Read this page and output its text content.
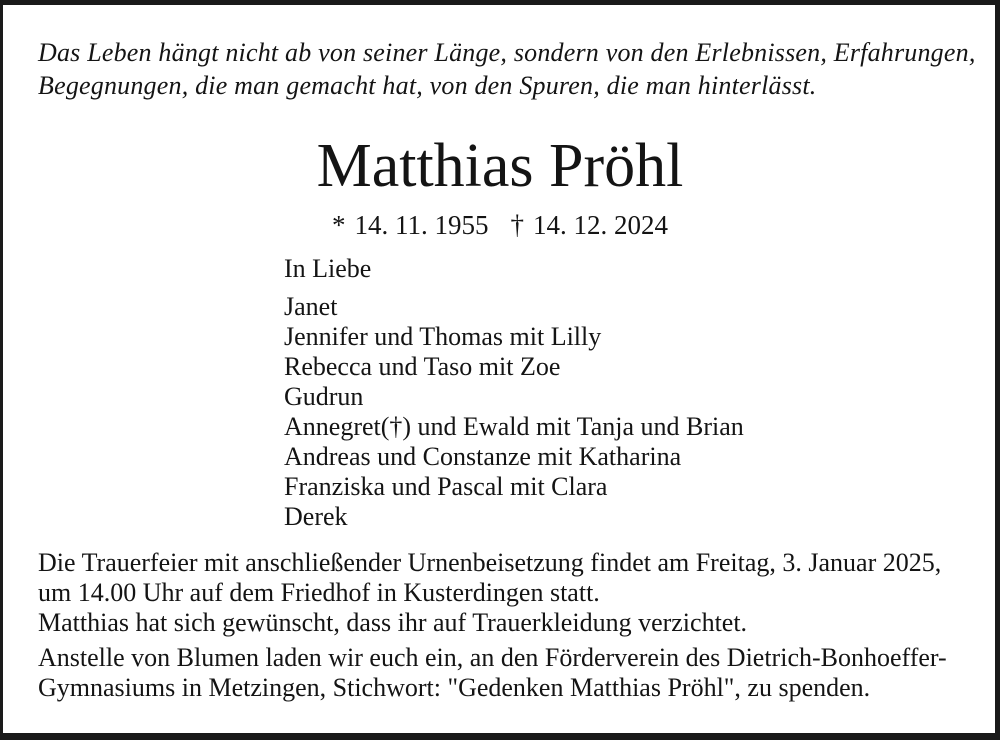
Das Leben hängt nicht ab von seiner Länge, sondern von den Erlebnissen, Erfahrungen,
Begegnungen, die man gemacht hat, von den Spuren, die man hinterlässt.
Matthias Pröhl
* 14. 11. 1955 † 14. 12. 2024
In Liebe
Janet
Jennifer und Thomas mit Lilly
Rebecca und Taso mit Zoe
Gudrun
Annegret(†) und Ewald mit Tanja und Brian
Andreas und Constanze mit Katharina
Franziska und Pascal mit Clara
Derek
Die Trauerfeier mit anschließender Urnenbeisetzung findet am Freitag, 3. Januar 2025,
um 14.00 Uhr auf dem Friedhof in Kusterdingen statt.
Matthias hat sich gewünscht, dass ihr auf Trauerkleidung verzichtet.
Anstelle von Blumen laden wir euch ein, an den Förderverein des Dietrich-Bonhoeffer-
Gymnasiums in Metzingen, Stichwort: "Gedenken Matthias Pröhl", zu spenden.
